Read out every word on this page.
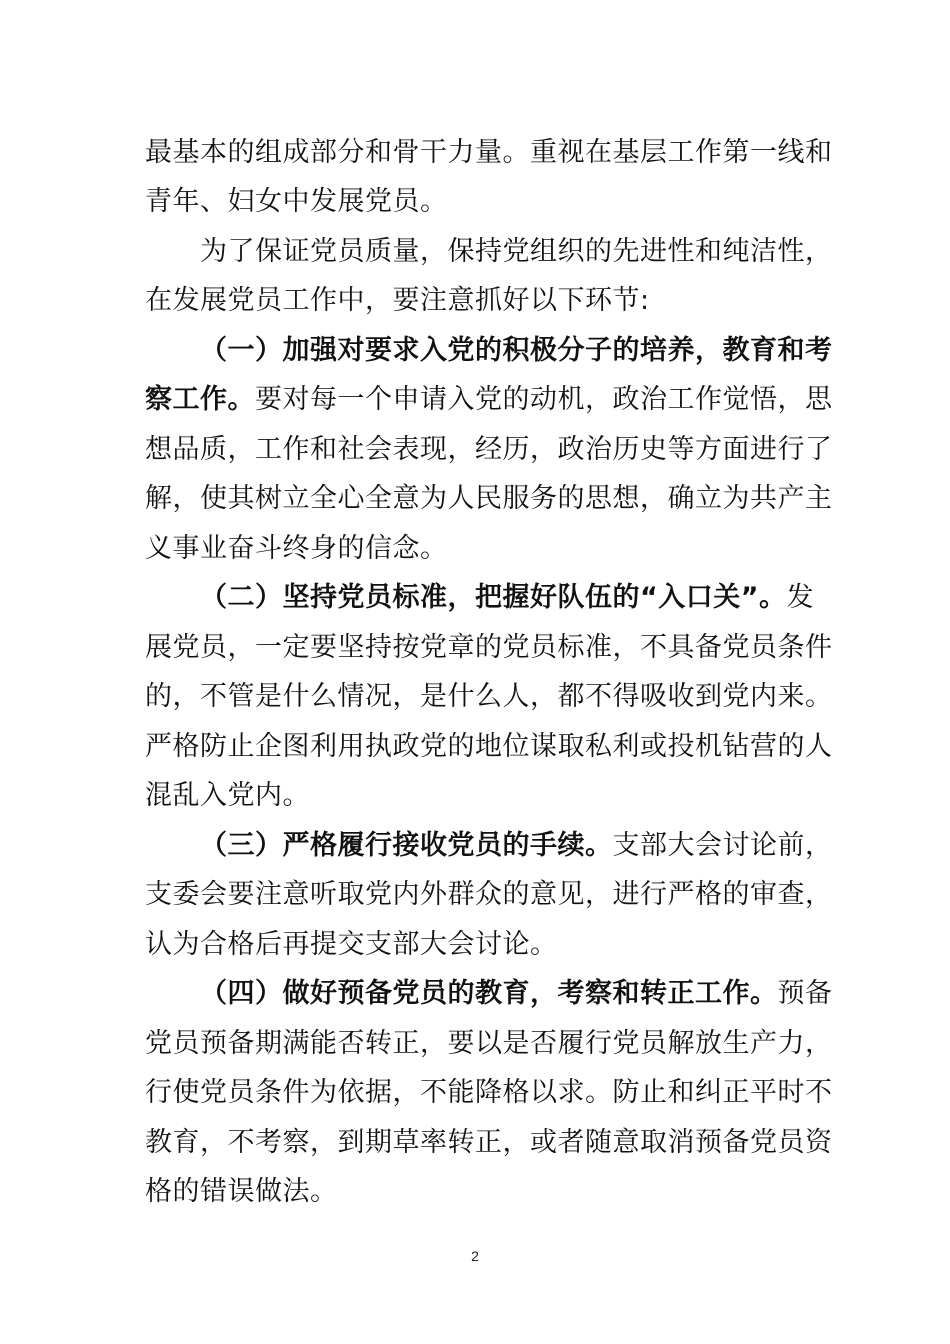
最基本的组成部分和骨干力量。重视在基层工作第一线和
青年、妇女中发展党员。
为了保证党员质量，保持党组织的先进性和纯洁性，
在发展党员工作中，要注意抓好以下环节:
（一）加强对要求入党的积极分子的培养，教育和考
察工作。要对每一个申请入党的动机，政治工作觉悟，思
想品质，工作和社会表现，经历，政治历史等方面进行了
解，使其树立全心全意为人民服务的思想，确立为共产主
义事业奋斗终身的信念。
（二）坚持党员标准，把握好队伍的“入口关”。发
展党员，一定要坚持按党章的党员标准，不具备党员条件
的，不管是什么情况，是什么人，都不得吸收到党内来。
严格防止企图利用执政党的地位谋取私利或投机钻营的人
混乱入党内。
（三）严格履行接收党员的手续。支部大会讨论前，
支委会要注意听取党内外群众的意见，进行严格的审查，
认为合格后再提交支部大会讨论。
（四）做好预备党员的教育，考察和转正工作。预备
党员预备期满能否转正，要以是否履行党员解放生产力，
行使党员条件为依据，不能降格以求。防止和纠正平时不
教育，不考察，到期草率转正，或者随意取消预备党员资
格的错误做法。
2
